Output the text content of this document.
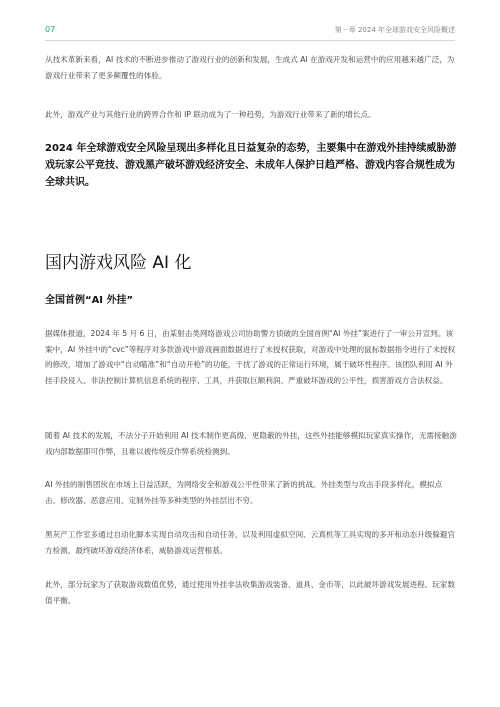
07	第一章 2024 年全球游戏安全风险概述

从技术革新来看，AI 技术的不断进步推动了游戏行业的创新和发展，生成式 AI 在游戏开发和运营中的应用越来越广泛，为游戏行业带来了更多颠覆性的体验。

此外，游戏产业与其他行业的跨界合作和 IP 联动成为了一种趋势，为游戏行业带来了新的增长点。

2024 年全球游戏安全风险呈现出多样化且日益复杂的态势，主要集中在游戏外挂持续威胁游戏玩家公平竞技、游戏黑产破坏游戏经济安全、未成年人保护日趋严格、游戏内容合规性成为全球共识。

国内游戏风险 AI 化
全国首例“AI 外挂”

据媒体报道，2024 年 5 月 6 日，由某射击类网络游戏公司协助警方侦破的全国首例“AI 外挂”案进行了一审公开宣判。该案中，AI 外挂中的“cvc”等程序对多款游戏中游戏画面数据进行了未授权获取，对游戏中处理的鼠标数据指令进行了未授权的修改，增加了游戏中“自动瞄准”和“自动开枪”的功能，干扰了游戏的正常运行环境，属于破坏性程序。该团队利用 AI 外挂手段侵入、非法控制计算机信息系统的程序、工具，并获取巨额利润、严重破坏游戏的公平性，损害游戏方合法权益。

随着 AI 技术的发展，不法分子开始利用 AI 技术制作更高级、更隐蔽的外挂，这些外挂能够模拟玩家真实操作，无需接触游戏内部数据即可作弊，且难以被传统反作弊系统检测到。

AI 外挂的制售团伙在市场上日益活跃，为网络安全和游戏公平性带来了新的挑战。外挂类型与攻击手段多样化，模拟点击、修改器、恶意应用、定制外挂等多种类型的外挂层出不穷。

黑灰产工作室多通过自动化脚本实现自动攻击和自动任务，以及利用虚拟空间、云真机等工具实现的多开和动态升级躲避官方检测，最终破坏游戏经济体系，威胁游戏运营根基。

此外，部分玩家为了获取游戏数值优势，通过使用外挂非法收集游戏装备、道具、金币等，以此破坏游戏发展进程、玩家数值平衡。
